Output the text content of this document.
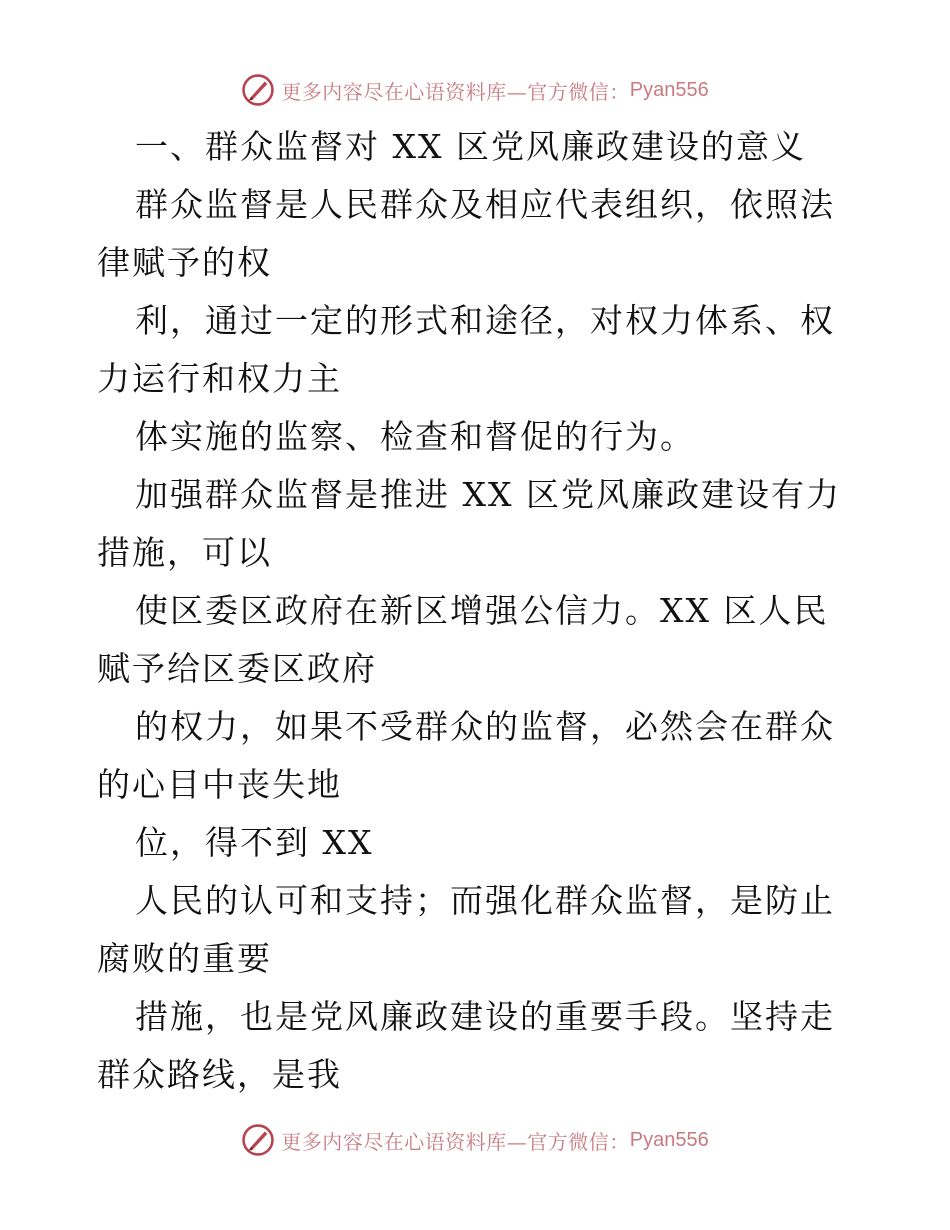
更多内容尽在心语资料库—官方微信： Pyan556

一、群众监督对 XX 区党风廉政建设的意义

群众监督是人民群众及相应代表组织，依照法律赋予的权

利，通过一定的形式和途径，对权力体系、权力运行和权力主

体实施的监察、检查和督促的行为。

加强群众监督是推进 XX 区党风廉政建设有力措施，可以

使区委区政府在新区增强公信力。XX 区人民赋予给区委区政府

的权力，如果不受群众的监督，必然会在群众的心目中丧失地

位，得不到 XX

人民的认可和支持；而强化群众监督，是防止腐败的重要

措施，也是党风廉政建设的重要手段。坚持走群众路线，是我

更多内容尽在心语资料库—官方微信： Pyan556
